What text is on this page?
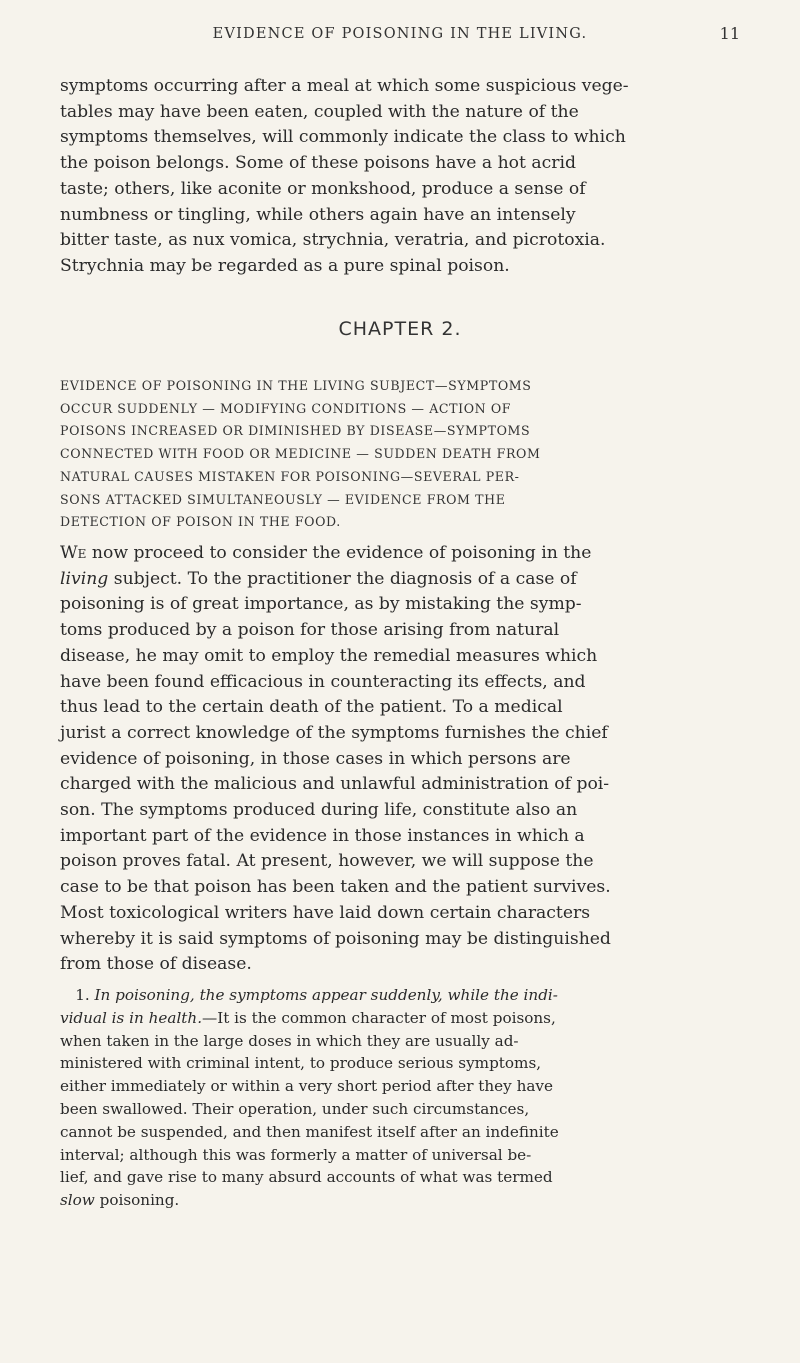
EVIDENCE OF POISONING IN THE LIVING.	11
symptoms occurring after a meal at which some suspicious vege-
tables may have been eaten, coupled with the nature of the
symptoms themselves, will commonly indicate the class to which
the poison belongs. Some of these poisons have a hot acrid
taste; others, like aconite or monkshood, produce a sense of
numbness or tingling, while others again have an intensely
bitter taste, as nux vomica, strychnia, veratria, and picrotoxia.
Strychnia may be regarded as a pure spinal poison.
CHAPTER 2.
EVIDENCE OF POISONING IN THE LIVING SUBJECT—SYMPTOMS
OCCUR SUDDENLY — MODIFYING CONDITIONS — ACTION OF
POISONS INCREASED OR DIMINISHED BY DISEASE—SYMPTOMS
CONNECTED WITH FOOD OR MEDICINE — SUDDEN DEATH FROM
NATURAL CAUSES MISTAKEN FOR POISONING—SEVERAL PER-
SONS ATTACKED SIMULTANEOUSLY — EVIDENCE FROM THE
DETECTION OF POISON IN THE FOOD.
We now proceed to consider the evidence of poisoning in the
living subject. To the practitioner the diagnosis of a case of
poisoning is of great importance, as by mistaking the symp-
toms produced by a poison for those arising from natural
disease, he may omit to employ the remedial measures which
have been found efficacious in counteracting its effects, and
thus lead to the certain death of the patient. To a medical
jurist a correct knowledge of the symptoms furnishes the chief
evidence of poisoning, in those cases in which persons are
charged with the malicious and unlawful administration of poi-
son. The symptoms produced during life, constitute also an
important part of the evidence in those instances in which a
poison proves fatal. At present, however, we will suppose the
case to be that poison has been taken and the patient survives.
Most toxicological writers have laid down certain characters
whereby it is said symptoms of poisoning may be distinguished
from those of disease.
 1. In poisoning, the symptoms appear suddenly, while the indi-
vidual is in health.—It is the common character of most poisons,
when taken in the large doses in which they are usually ad-
ministered with criminal intent, to produce serious symptoms,
either immediately or within a very short period after they have
been swallowed. Their operation, under such circumstances,
cannot be suspended, and then manifest itself after an indefinite
interval; although this was formerly a matter of universal be-
lief, and gave rise to many absurd accounts of what was termed
slow poisoning.
